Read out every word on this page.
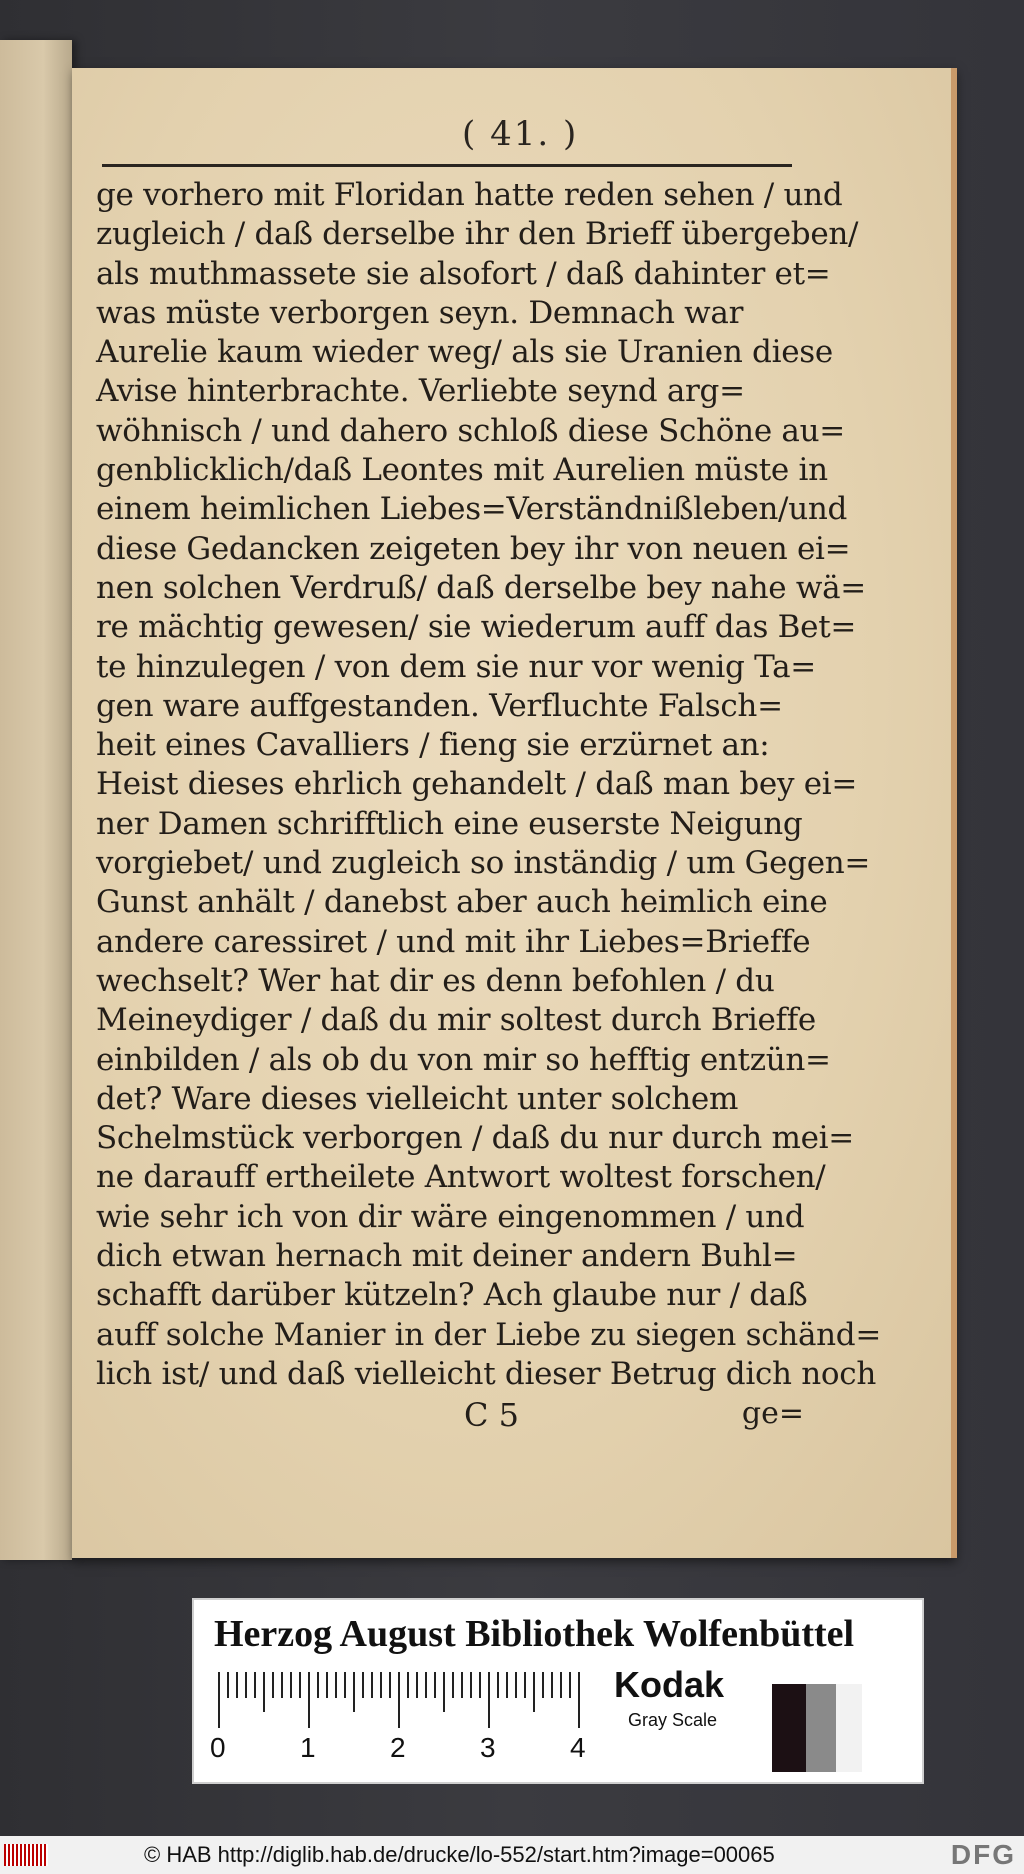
( 41. )
ge vorhero mit Floridan hatte reden sehen / und
zugleich / daß derselbe ihr den Brieff übergeben/
als muthmassete sie alsofort / daß dahinter et=
was müste verborgen seyn. Demnach war
Aurelie kaum wieder weg/ als sie Uranien diese
Avise hinterbrachte. Verliebte seynd arg=
wöhnisch / und dahero schloß diese Schöne au=
genblicklich/daß Leontes mit Aurelien müste in
einem heimlichen Liebes=Verständnißleben/und
diese Gedancken zeigeten bey ihr von neuen ei=
nen solchen Verdruß/ daß derselbe bey nahe wä=
re mächtig gewesen/ sie wiederum auff das Bet=
te hinzulegen / von dem sie nur vor wenig Ta=
gen ware auffgestanden. Verfluchte Falsch=
heit eines Cavalliers / fieng sie erzürnet an:
Heist dieses ehrlich gehandelt / daß man bey ei=
ner Damen schrifftlich eine euserste Neigung
vorgiebet/ und zugleich so inständig / um Gegen=
Gunst anhält / danebst aber auch heimlich eine
andere caressiret / und mit ihr Liebes=Brieffe
wechselt? Wer hat dir es denn befohlen / du
Meineydiger / daß du mir soltest durch Brieffe
einbilden / als ob du von mir so hefftig entzün=
det? Ware dieses vielleicht unter solchem
Schelmstück verborgen / daß du nur durch mei=
ne darauff ertheilete Antwort woltest forschen/
wie sehr ich von dir wäre eingenommen / und
dich etwan hernach mit deiner andern Buhl=
schafft darüber kützeln? Ach glaube nur / daß
auff solche Manier in der Liebe zu siegen schänd=
lich ist/ und daß vielleicht dieser Betrug dich noch
C 5	ge=
Herzog August Bibliothek Wolfenbüttel
0	1	2	3	4
Kodak
Gray Scale
© HAB http://diglib.hab.de/drucke/lo-552/start.htm?image=00065	DFG
